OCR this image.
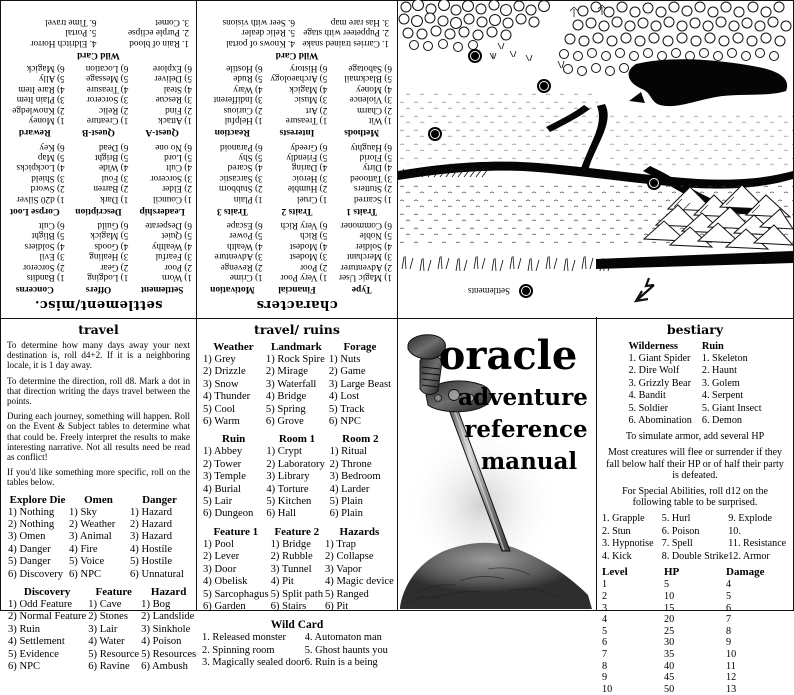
settlement/misc.
Settlement
1) Worn
2) Poor
3) Fearful
4) Wealthy
5) Quiet
6) Desperate
Offers
1) Lodging
2) Gear
3) Healing
4) Goods
5) Magick
6) Guild
Concerns
1) Bandits
2) Sorceror
3) Evil
4) Soldiers
5) Blight
6) Cult
Leadership
1) Council
2) Elder
3) Sorceror
4) Cult
5) Lord
6) No one
Description
1) Dark
2) Barren
3) Foul
4) Wide
5) Bright
6) Dead
Corpse Loot
1) d20 Silver
2) Sword
3) Shield
4) Lockpicks
5) Map
6) Key
Quest-A
1) Attack
2) Find
3) Rescue
4) Steal
5) Deliver
6) Explore
Quest-B
1) Creature
2) Relic
3) Sorceror
4) Treasure
5) Message
6) Location
Reward
1) Money
2) Knowledge
3) Plain Item
4) Rare Item
5) Ally
6) Magick
Wild Card
1. Rain of blood
2. Purple eclipse
3. Comet
4. Eldritch Horror
5. Portal
6. Time travel
characters
Type
1) Magic User
2) Adventurer
3) Merchant
4) Soldier
5) Noble
6) Commoner
Financial
1) Very Poor
2) Poor
3) Modest
4) Modest
5) Rich
6) Very Rich
Motivation
1) Crime
2) Revenge
3) Adventure
4) Wealth
5) Power
6) Escape
Traits 1
1) Scarred
2) Stutters
3) Tattooed
4) Dirty
5) Florid
6) Haughty
Traits 2
1) Cruel
2) Humble
3) Heroic
4) Daring
5) Friendly
6) Greedy
Traits 3
1) Plain
2) Stubborn
3) Sarcastic
4) Scared
5) Shy
6) Paranoid
Methods
1) Wit
2) Charm
3) Violence
4) Money
5) Blackmail
6) Sabotage
Interests
1) Treasure
2) Art
3) Music
4) Magick
5) Archaeology
6) History
Reaction
1) Helpful
2) Curious
3) Indifferent
4) Wary
5) Rude
6) Hostile
Wild Card
1. Carries trained snake
2. Puppeteer with stage
3. Has rare map
4. Knows of portal
5. Relic dealer
6. Seer with visions
Settlements
travel

To determine how many days away your next destination is, roll d4+2. If it is a neighboring locale, it is 1 day away.

To determine the direction, roll d8. Mark a dot in that direction writing the days travel between the points.

During each journey, something will happen. Roll on the Event & Subject tables to determine what that could be. Freely interpret the results to make interesting narrative. Not all results need be read as conflict!

If you'd like something more specific, roll on the tables below.

Explore Die
1) Nothing
2) Nothing
3) Omen
4) Danger
5) Danger
6) Discovery
Omen
1) Sky
2) Weather
3) Animal
4) Fire
5) Voice
6) NPC
Danger
1) Hazard
2) Hazard
3) Hazard
4) Hostile
5) Hostile
6) Unnatural
Discovery
1) Odd Feature
2) Normal Feature
3) Ruin
4) Settlement
5) Evidence
6) NPC
Feature
1) Cave
2) Stones
3) Lair
4) Water
5) Resource
6) Ravine
Hazard
1) Bog
2) Landslide
3) Sinkhole
4) Poison
5) Resources
6) Ambush
travel/ ruins
Weather
1) Grey
2) Drizzle
3) Snow
4) Thunder
5) Cool
6) Warm
Landmark
1) Rock Spire
2) Mirage
3) Waterfall
4) Bridge
5) Spring
6) Grove
Forage
1) Nuts
2) Game
3) Large Beast
4) Lost
5) Track
6) NPC
Ruin
1) Abbey
2) Tower
3) Temple
4) Burial
5) Lair
6) Dungeon
Room 1
1) Crypt
2) Laboratory
3) Library
4) Torture
5) Kitchen
6) Hall
Room 2
1) Ritual
2) Throne
3) Bedroom
4) Larder
5) Plain
6) Plain
Feature 1
1) Pool
2) Lever
3) Door
4) Obelisk
5) Sarcophagus
6) Garden
Feature 2
1) Bridge
2) Rubble
3) Tunnel
4) Pit
5) Split path
6) Stairs
Hazards
1) Trap
2) Collapse
3) Vapor
4) Magic device
5) Ranged
6) Pit
Wild Card
1. Released monster
2. Spinning room
3. Magically sealed door
4. Automaton man
5. Ghost haunts you
6. Ruin is a being
oracle
adventure
reference
manual
bestiary
Wilderness
1. Giant Spider
2. Dire Wolf
3. Grizzly Bear
4. Bandit
5. Soldier
6. Abomination
Ruin
1. Skeleton
2. Haunt
3. Golem
4. Serpent
5. Giant Insect
6. Demon
To simulate armor, add several HP
Most creatures will flee or surrender if they fall below half their HP or of half their party is defeated.
For Special Abilities, roll d12 on the following table to be surprised.
1. Grapple
2. Stun
3. Hypnotise
4. Kick
5. Hurl
6. Poison
7. Spell
8. Double Strike
9. Explode
10.
11. Resistance
12. Armor
Level
1
2
3
4
5
6
7
8
9
10
HP
5
10
15
20
25
30
35
40
45
50
Damage
4
5
6
7
8
9
10
11
12
13
